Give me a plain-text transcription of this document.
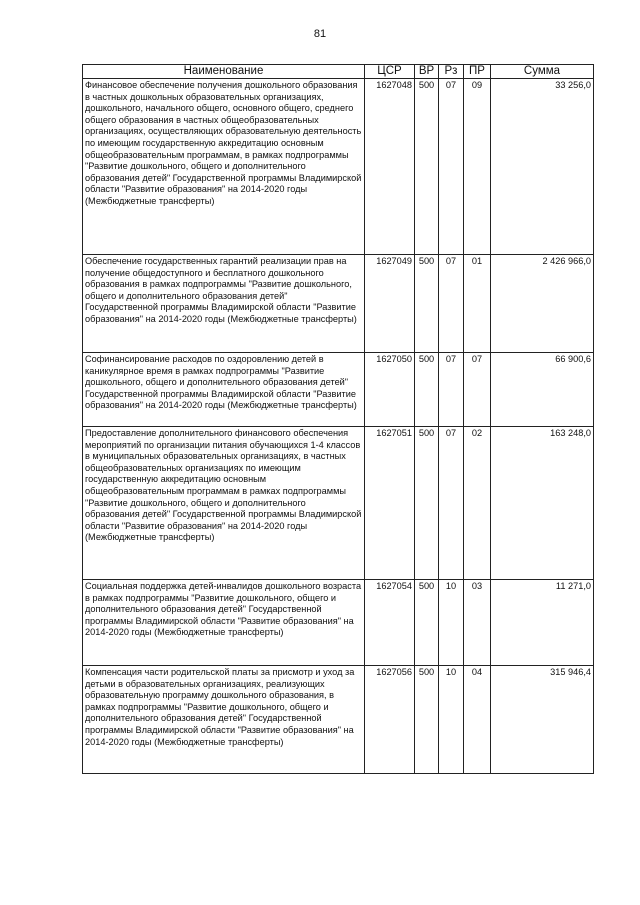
81
Наименование	ЦСР	ВР	Рз	ПР	Сумма
Финансовое обеспечение получения дошкольного образования в частных дошкольных образовательных организациях, дошкольного, начального общего, основного общего, среднего общего образования в частных общеобразовательных организациях, осуществляющих образовательную деятельность по имеющим государственную аккредитацию основным общеобразовательным программам, в рамках подпрограммы "Развитие дошкольного, общего и дополнительного образования детей" Государственной программы Владимирской области "Развитие образования" на 2014-2020 годы (Межбюджетные трансферты)	1627048	500	07	09	33 256,0
Обеспечение государственных гарантий реализации прав на получение общедоступного и бесплатного дошкольного образования в рамках подпрограммы "Развитие дошкольного, общего и дополнительного образования детей" Государственной программы Владимирской области "Развитие образования" на 2014-2020 годы (Межбюджетные трансферты)	1627049	500	07	01	2 426 966,0
Софинансирование расходов по оздоровлению детей в каникулярное время в рамках подпрограммы "Развитие дошкольного, общего и дополнительного образования детей" Государственной программы Владимирской области "Развитие образования" на 2014-2020 годы (Межбюджетные трансферты)	1627050	500	07	07	66 900,6
Предоставление дополнительного финансового обеспечения мероприятий по организации питания обучающихся 1-4 классов в муниципальных образовательных организациях, в частных общеобразовательных организациях по имеющим государственную аккредитацию основным общеобразовательным программам в рамках подпрограммы "Развитие дошкольного, общего и дополнительного образования детей" Государственной программы Владимирской области "Развитие образования" на 2014-2020 годы (Межбюджетные трансферты)	1627051	500	07	02	163 248,0
Социальная поддержка детей-инвалидов дошкольного возраста в рамках подпрограммы "Развитие дошкольного, общего и дополнительного образования детей" Государственной программы Владимирской области "Развитие образования" на 2014-2020 годы (Межбюджетные трансферты)	1627054	500	10	03	11 271,0
Компенсация части родительской платы за присмотр и уход за детьми в образовательных организациях, реализующих образовательную программу дошкольного образования, в рамках подпрограммы "Развитие дошкольного, общего и дополнительного образования детей" Государственной программы Владимирской области "Развитие образования" на 2014-2020 годы (Межбюджетные трансферты)	1627056	500	10	04	315 946,4
